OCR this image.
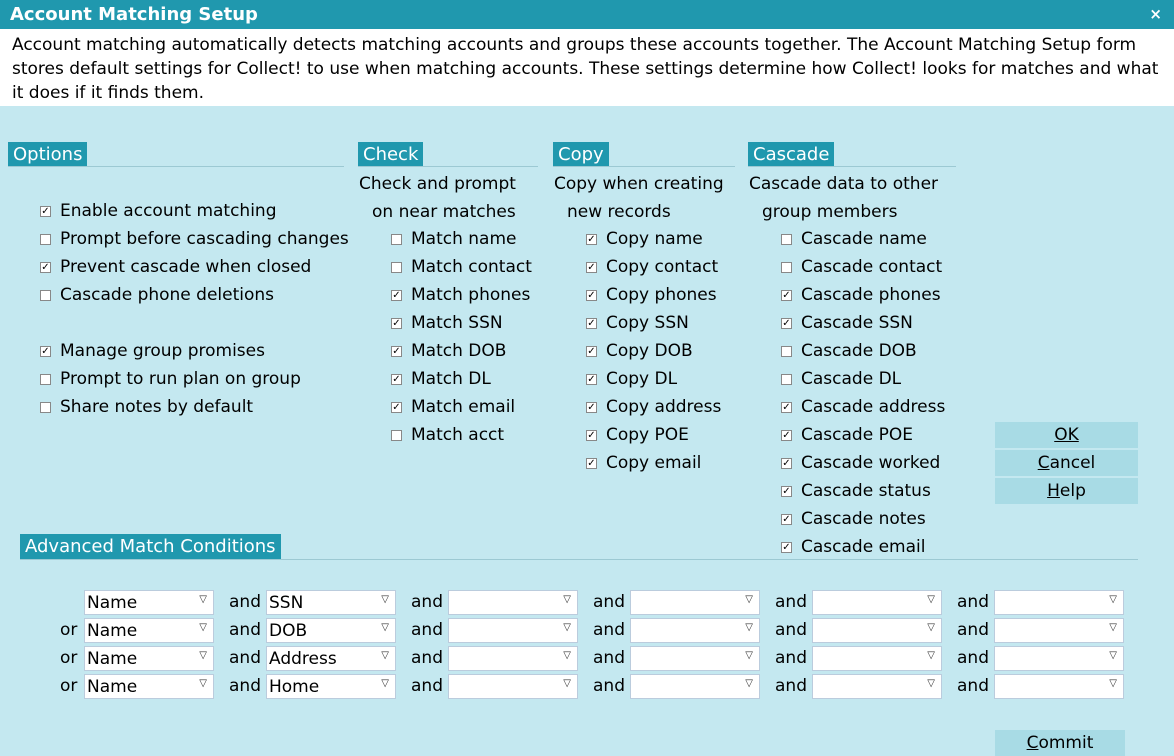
Account Matching Setup	×
Account matching automatically detects matching accounts and groups these accounts together. The Account Matching Setup form stores default settings for Collect! to use when matching accounts. These settings determine how Collect! looks for matches and what it does if it finds them.
Options	Check
Check and prompt
on near matches
Copy
Copy when creating
new records
Cascade
Cascade data to other
group members
✓ Enable account matching
Prompt before cascading changes
✓ Prevent cascade when closed
Cascade phone deletions
✓ Manage group promises
Prompt to run plan on group
Share notes by default
Match name
Match contact
✓ Match phones
✓ Match SSN
✓ Match DOB
✓ Match DL
✓ Match email
Match acct
✓ Copy name
✓ Copy contact
✓ Copy phones
✓ Copy SSN
✓ Copy DOB
✓ Copy DL
✓ Copy address
✓ Copy POE
✓ Copy email
Cascade name
Cascade contact
✓ Cascade phones
✓ Cascade SSN
Cascade DOB
Cascade DL
✓ Cascade address
✓ Cascade POE
✓ Cascade worked
✓ Cascade status
✓ Cascade notes
✓ Cascade email
OK
Cancel
Help
Commit
Advanced Match Conditions
Name	▽ and SSN	▽ and	▽ and	▽ and	▽ and	▽
or Name	▽ and DOB	▽ and	▽ and	▽ and	▽ and	▽
or Name	▽ and Address	▽ and	▽ and	▽ and	▽ and	▽
or Name	▽ and Home	▽ and	▽ and	▽ and	▽ and	▽
